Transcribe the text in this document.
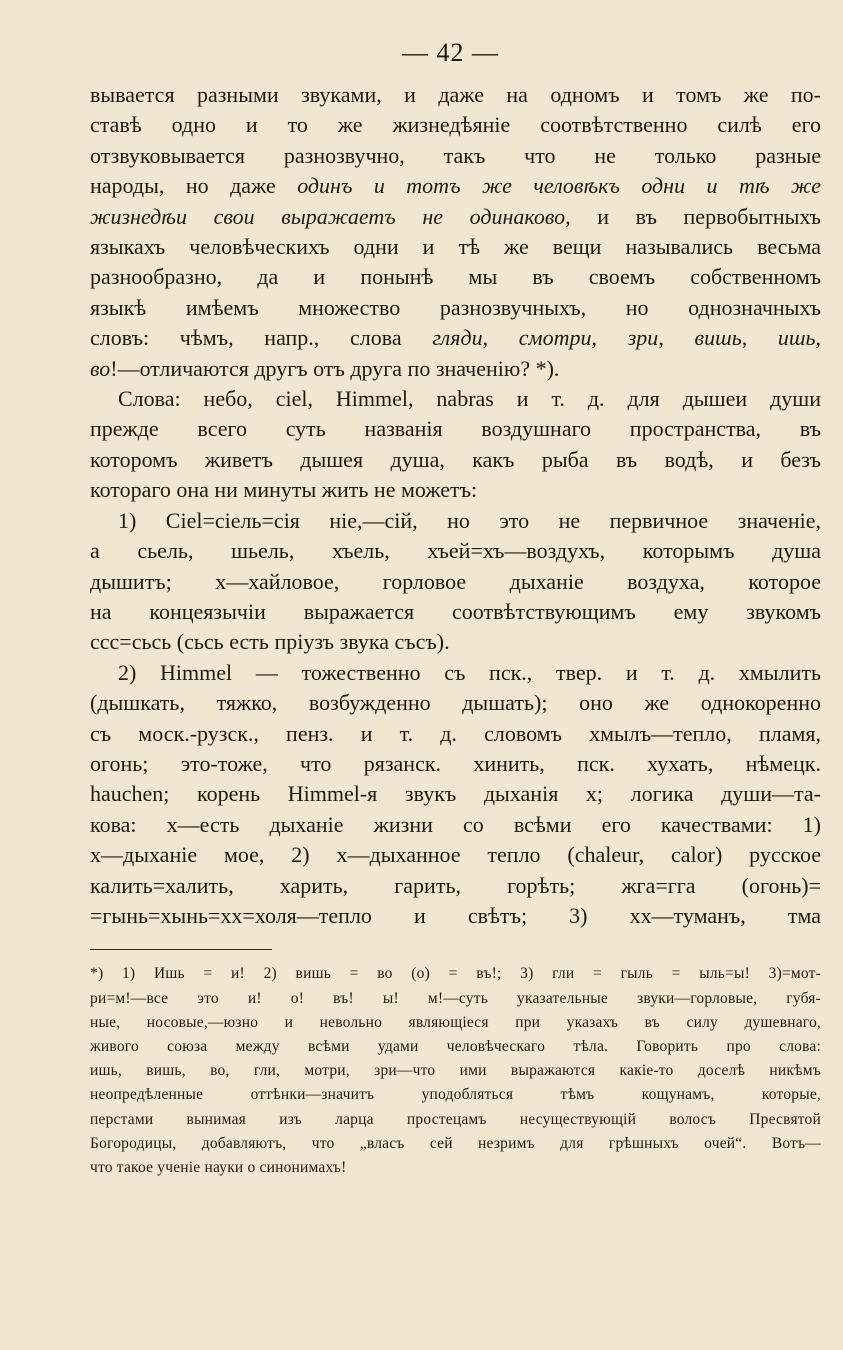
— 42 —
вывается разными звуками, и даже на одномъ и томъ же по-
ставѣ одно и то же жизнедѣяніе соотвѣтственно силѣ его
отзвуковывается разнозвучно, такъ что не только разные
народы, но даже одинъ и тотъ же человѣкъ одни и тѣ же
жизнедѣи свои выражаетъ не одинаково, и въ первобытныхъ
языкахъ человѣческихъ одни и тѣ же вещи назывались весьма
разнообразно, да и понынѣ мы въ своемъ собственномъ
языкѣ имѣемъ множество разнозвучныхъ, но однозначныхъ
словъ: чѣмъ, напр., слова гляди, смотри, зри, вишь, ишь,
во!—отличаются другъ отъ друга по значенію? *).
Слова: небо, ciel, Himmel, nabras и т. д. для дышеи души
прежде всего суть названія воздушнаго пространства, въ
которомъ живетъ дышея душа, какъ рыба въ водѣ, и безъ
котораго она ни минуты жить не можетъ:
1) Ciel=сіель=сія ніе,—сій, но это не первичное значеніе,
а сьель, шьель, хъель, хъей=хъ—воздухъ, которымъ душа
дышитъ; х—хайловое, горловое дыханіе воздуха, которое
на концеязычіи выражается соотвѣтствующимъ ему звукомъ
ссс=сьсь (сьсь есть пріузъ звука съсъ).
2) Himmel — тожественно съ пск., твер. и т. д. хмылить
(дышкать, тяжко, возбужденно дышать); оно же однокоренно
съ моск.-рузск., пенз. и т. д. словомъ хмылъ—тепло, пламя,
огонь; это-тоже, что рязанск. хинить, пск. хухать, нѣмецк.
hauchen; корень Himmel-я звукъ дыханія х; логика души—та-
кова: х—есть дыханіе жизни со всѣми его качествами: 1)
х—дыханіе мое, 2) х—дыханное тепло (chaleur, calor) русское
калить=халить, харить, гарить, горѣть; жга=гга (огонь)=
=гынь=хынь=хх=холя—тепло и свѣтъ; 3) хх—туманъ, тма
*) 1) Ишь = и! 2) вишь = во (о) = въ!; 3) гли = гыль = ыль=ы! 3)=мот-
ри=м!—все это и! о! въ! ы! м!—суть указательные звуки—горловые, губя-
ные, носовые,—юзно и невольно являющіеся при указахъ въ силу душевнаго,
живого союза между всѣми удами человѣческаго тѣла. Говорить про слова:
ишь, вишь, во, гли, мотри, зри—что ими выражаются какіе-то доселѣ никѣмъ
неопредѣленные оттѣнки—значитъ уподобляться тѣмъ кощунамъ, которые,
перстами вынимая изъ ларца простецамъ несуществующій волосъ Пресвятой
Богородицы, добавляютъ, что „власъ сей незримъ для грѣшныхъ очей“. Вотъ—
что такое ученіе науки о синонимахъ!
